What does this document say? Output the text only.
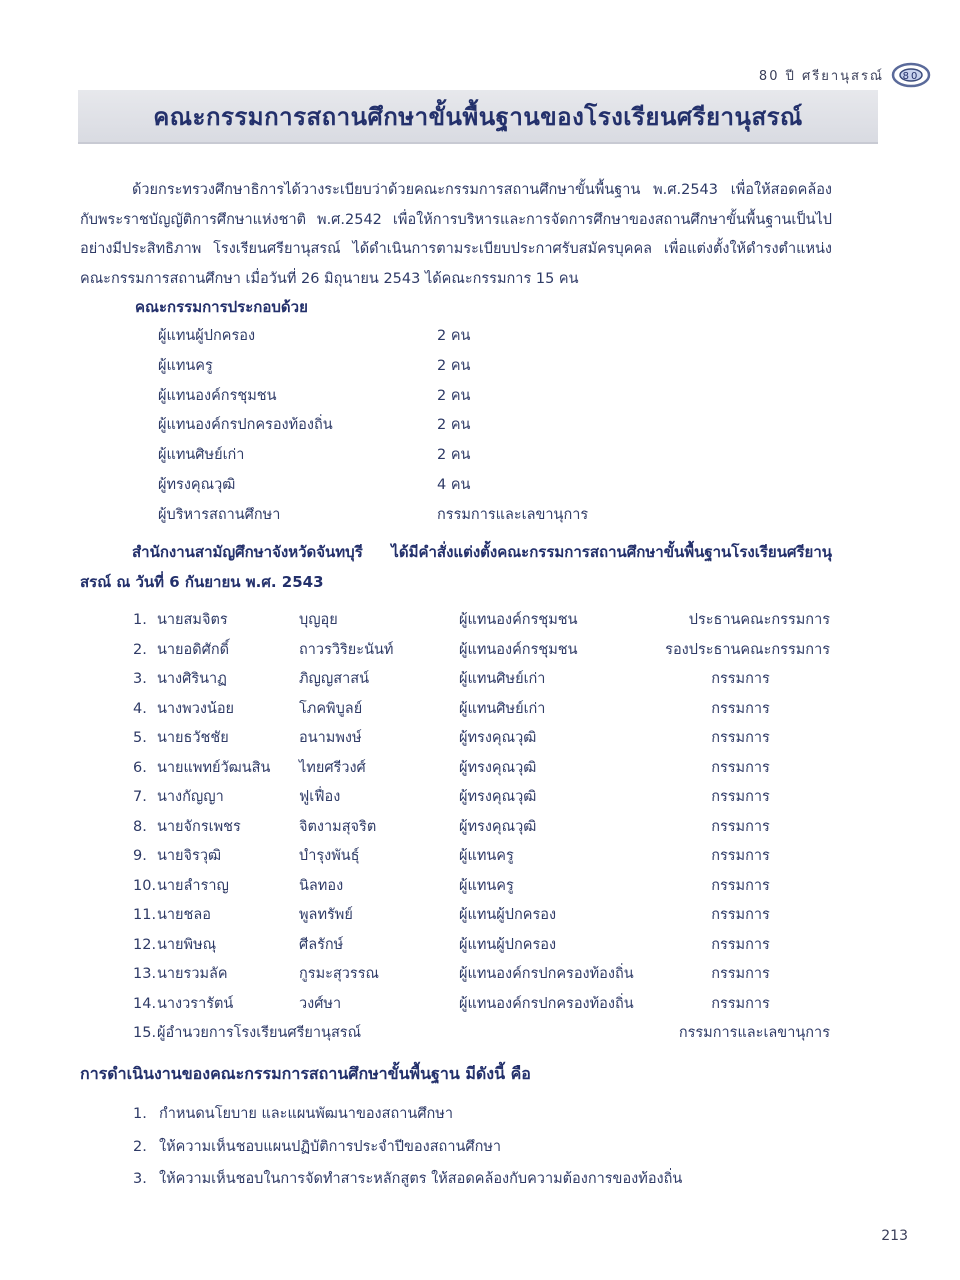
80 ปี ศรียานุสรณ์ 80
คณะกรรมการสถานศึกษาขั้นพื้นฐานของโรงเรียนศรียานุสรณ์
ด้วยกระทรวงศึกษาธิการได้วางระเบียบว่าด้วยคณะกรรมการสถานศึกษาขั้นพื้นฐาน พ.ศ.2543 เพื่อให้สอดคล้องกับพระราชบัญญัติการศึกษาแห่งชาติ พ.ศ.2542 เพื่อให้การบริหารและการจัดการศึกษาของสถานศึกษาขั้นพื้นฐานเป็นไปอย่างมีประสิทธิภาพ โรงเรียนศรียานุสรณ์ ได้ดำเนินการตามระเบียบประกาศรับสมัครบุคคล เพื่อแต่งตั้งให้ดำรงตำแหน่งคณะกรรมการสถานศึกษา เมื่อวันที่ 26 มิถุนายน 2543 ได้คณะกรรมการ 15 คน
คณะกรรมการประกอบด้วย
ผู้แทนผู้ปกครอง	2 คน
ผู้แทนครู	2 คน
ผู้แทนองค์กรชุมชน	2 คน
ผู้แทนองค์กรปกครองท้องถิ่น	2 คน
ผู้แทนศิษย์เก่า	2 คน
ผู้ทรงคุณวุฒิ	4 คน
ผู้บริหารสถานศึกษา	กรรมการและเลขานุการ
สำนักงานสามัญศึกษาจังหวัดจันทบุรี ได้มีคำสั่งแต่งตั้งคณะกรรมการสถานศึกษาขั้นพื้นฐานโรงเรียนศรียานุสรณ์ ณ วันที่ 6 กันยายน พ.ศ. 2543
1. นายสมจิตร	บุญอุย	ผู้แทนองค์กรชุมชน	ประธานคณะกรรมการ
2. นายอดิศักดิ์	ถาวรวิริยะนันท์	ผู้แทนองค์กรชุมชน	รองประธานคณะกรรมการ
3. นางศิรินาฏ	ภิญญสาสน์	ผู้แทนศิษย์เก่า	กรรมการ
4. นางพวงน้อย	โภคพิบูลย์	ผู้แทนศิษย์เก่า	กรรมการ
5. นายธวัชชัย	อนามพงษ์	ผู้ทรงคุณวุฒิ	กรรมการ
6. นายแพทย์วัฒนสิน ไทยศรีวงศ์	ผู้ทรงคุณวุฒิ	กรรมการ
7. นางกัญญา	ฟูเฟื่อง	ผู้ทรงคุณวุฒิ	กรรมการ
8. นายจักรเพชร	จิตงามสุจริต	ผู้ทรงคุณวุฒิ	กรรมการ
9. นายจิรวุฒิ	บำรุงพันธุ์	ผู้แทนครู	กรรมการ
10. นายลำราญ	นิลทอง	ผู้แทนครู	กรรมการ
11. นายชลอ	พูลทรัพย์	ผู้แทนผู้ปกครอง	กรรมการ
12. นายพิษณุ	ศีลรักษ์	ผู้แทนผู้ปกครอง	กรรมการ
13. นายรวมลัค	กูรมะสุวรรณ	ผู้แทนองค์กรปกครองท้องถิ่น	กรรมการ
14. นางวรารัตน์	วงศ์ษา	ผู้แทนองค์กรปกครองท้องถิ่น	กรรมการ
15. ผู้อำนวยการโรงเรียนศรียานุสรณ์	กรรมการและเลขานุการ
การดำเนินงานของคณะกรรมการสถานศึกษาขั้นพื้นฐาน มีดังนี้ คือ
1. กำหนดนโยบาย และแผนพัฒนาของสถานศึกษา
2. ให้ความเห็นชอบแผนปฏิบัติการประจำปีของสถานศึกษา
3. ให้ความเห็นชอบในการจัดทำสาระหลักสูตร ให้สอดคล้องกับความต้องการของท้องถิ่น
213
